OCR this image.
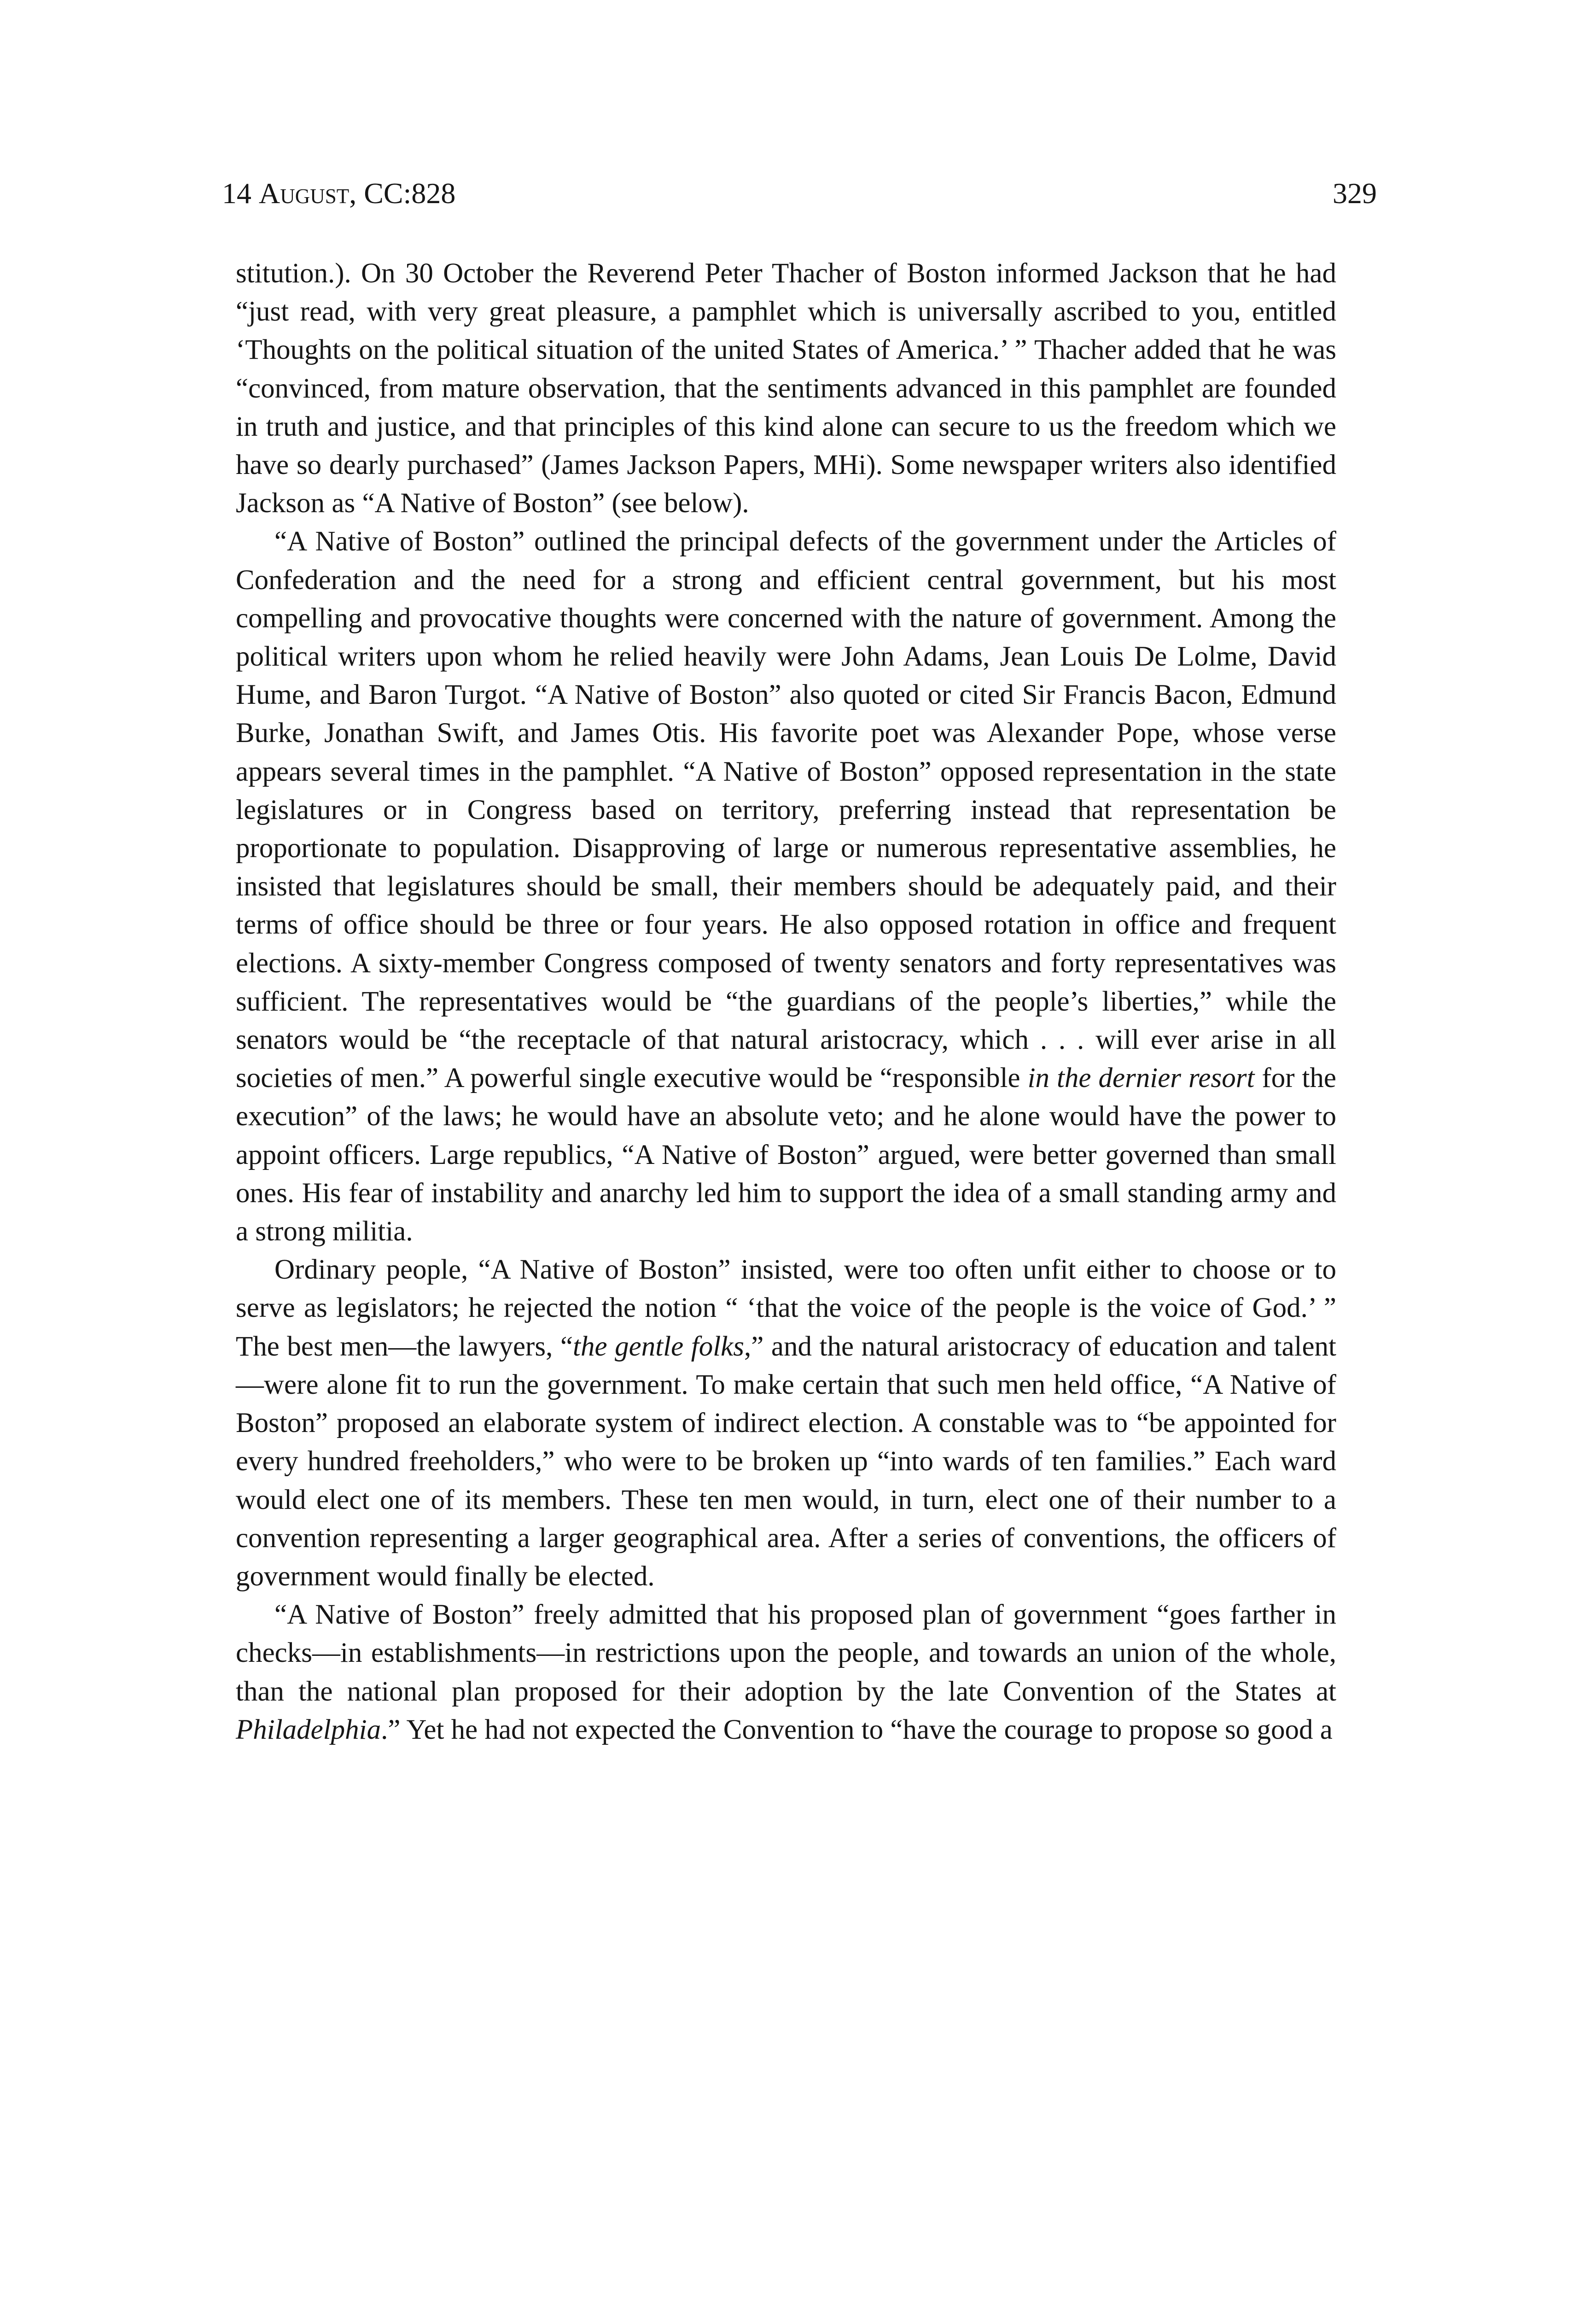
14 August, CC:828	329

stitution.). On 30 October the Reverend Peter Thacher of Boston informed Jackson that he had “just read, with very great pleasure, a pamphlet which is universally ascribed to you, entitled ‘Thoughts on the political situation of the united States of America.’ ” Thacher added that he was “convinced, from mature observation, that the sentiments advanced in this pamphlet are founded in truth and justice, and that principles of this kind alone can secure to us the freedom which we have so dearly purchased” (James Jackson Papers, MHi). Some newspaper writers also identified Jackson as “A Native of Boston” (see below).

“A Native of Boston” outlined the principal defects of the government under the Articles of Confederation and the need for a strong and efficient central government, but his most compelling and provocative thoughts were concerned with the nature of government. Among the political writers upon whom he relied heavily were John Adams, Jean Louis De Lolme, David Hume, and Baron Turgot. “A Native of Boston” also quoted or cited Sir Francis Bacon, Edmund Burke, Jonathan Swift, and James Otis. His favorite poet was Alexander Pope, whose verse appears several times in the pamphlet. “A Native of Boston” opposed representation in the state legislatures or in Congress based on territory, preferring instead that representation be proportionate to population. Disapproving of large or numerous representative assemblies, he insisted that legislatures should be small, their members should be adequately paid, and their terms of office should be three or four years. He also opposed rotation in office and frequent elections. A sixty-member Congress composed of twenty senators and forty representatives was sufficient. The representatives would be “the guardians of the people’s liberties,” while the senators would be “the receptacle of that natural aristocracy, which . . . will ever arise in all societies of men.” A powerful single executive would be “responsible in the dernier resort for the execution” of the laws; he would have an absolute veto; and he alone would have the power to appoint officers. Large republics, “A Native of Boston” argued, were better governed than small ones. His fear of instability and anarchy led him to support the idea of a small standing army and a strong militia.

Ordinary people, “A Native of Boston” insisted, were too often unfit either to choose or to serve as legislators; he rejected the notion “ ‘that the voice of the people is the voice of God.’ ” The best men—the lawyers, “the gentle folks,” and the natural aristocracy of education and talent—were alone fit to run the government. To make certain that such men held office, “A Native of Boston” proposed an elaborate system of indirect election. A constable was to “be appointed for every hundred freeholders,” who were to be broken up “into wards of ten families.” Each ward would elect one of its members. These ten men would, in turn, elect one of their number to a convention representing a larger geographical area. After a series of conventions, the officers of government would finally be elected.

“A Native of Boston” freely admitted that his proposed plan of government “goes farther in checks—in establishments—in restrictions upon the people, and towards an union of the whole, than the national plan proposed for their adoption by the late Convention of the States at Philadelphia.” Yet he had not expected the Convention to “have the courage to propose so good a
